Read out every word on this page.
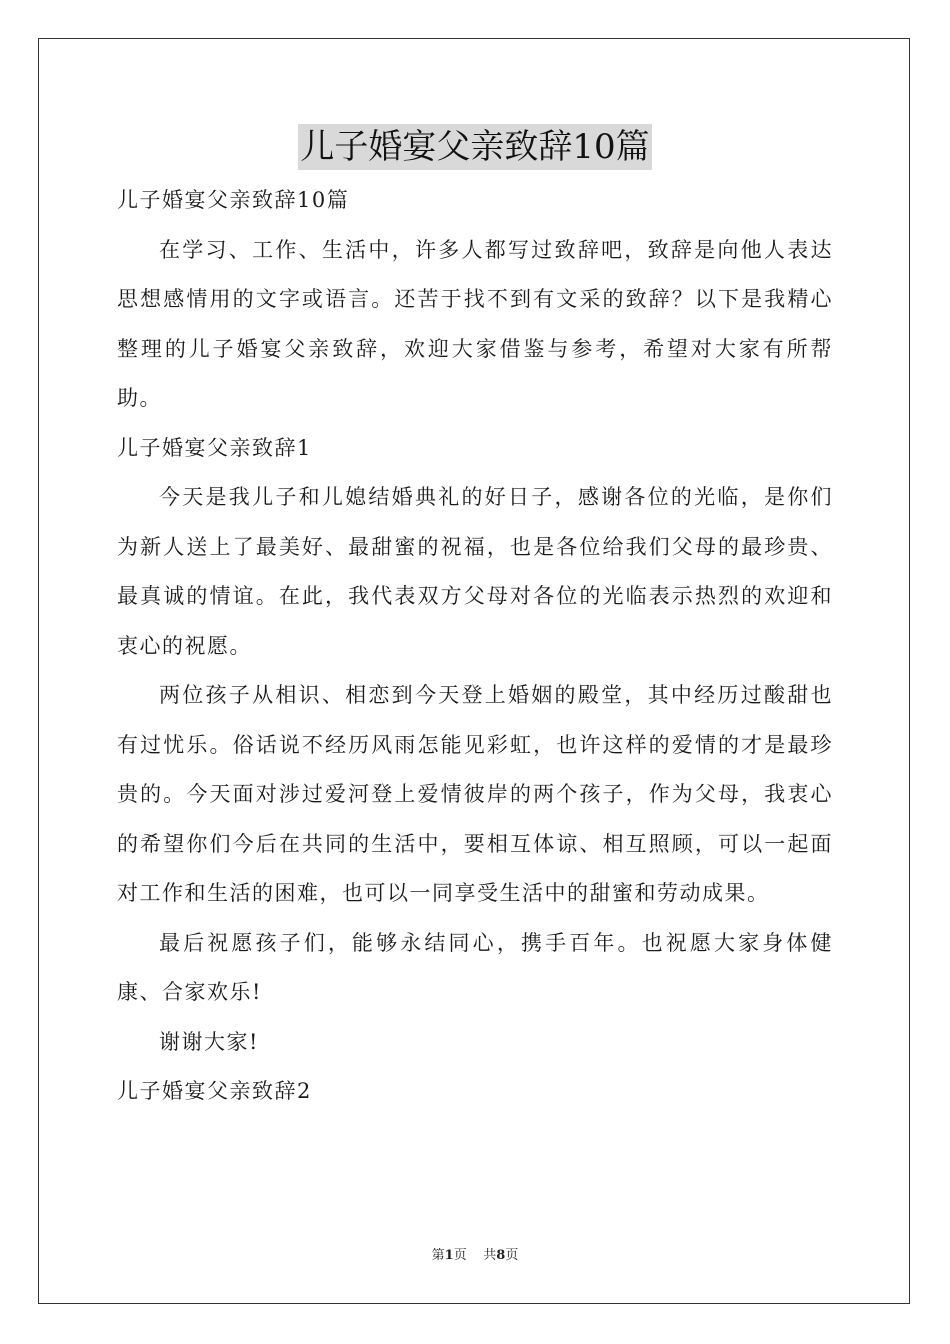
儿子婚宴父亲致辞10篇

儿子婚宴父亲致辞10篇

在学习、工作、生活中，许多人都写过致辞吧，致辞是向他人表达思想感情用的文字或语言。还苦于找不到有文采的致辞？以下是我精心整理的儿子婚宴父亲致辞，欢迎大家借鉴与参考，希望对大家有所帮助。

儿子婚宴父亲致辞1

今天是我儿子和儿媳结婚典礼的好日子，感谢各位的光临，是你们为新人送上了最美好、最甜蜜的祝福，也是各位给我们父母的最珍贵、最真诚的情谊。在此，我代表双方父母对各位的光临表示热烈的欢迎和衷心的祝愿。

两位孩子从相识、相恋到今天登上婚姻的殿堂，其中经历过酸甜也有过忧乐。俗话说不经历风雨怎能见彩虹，也许这样的爱情的才是最珍贵的。今天面对涉过爱河登上爱情彼岸的两个孩子，作为父母，我衷心的希望你们今后在共同的生活中，要相互体谅、相互照顾，可以一起面对工作和生活的困难，也可以一同享受生活中的甜蜜和劳动成果。

最后祝愿孩子们，能够永结同心，携手百年。也祝愿大家身体健康、合家欢乐!

谢谢大家!

儿子婚宴父亲致辞2

第1页 共8页
